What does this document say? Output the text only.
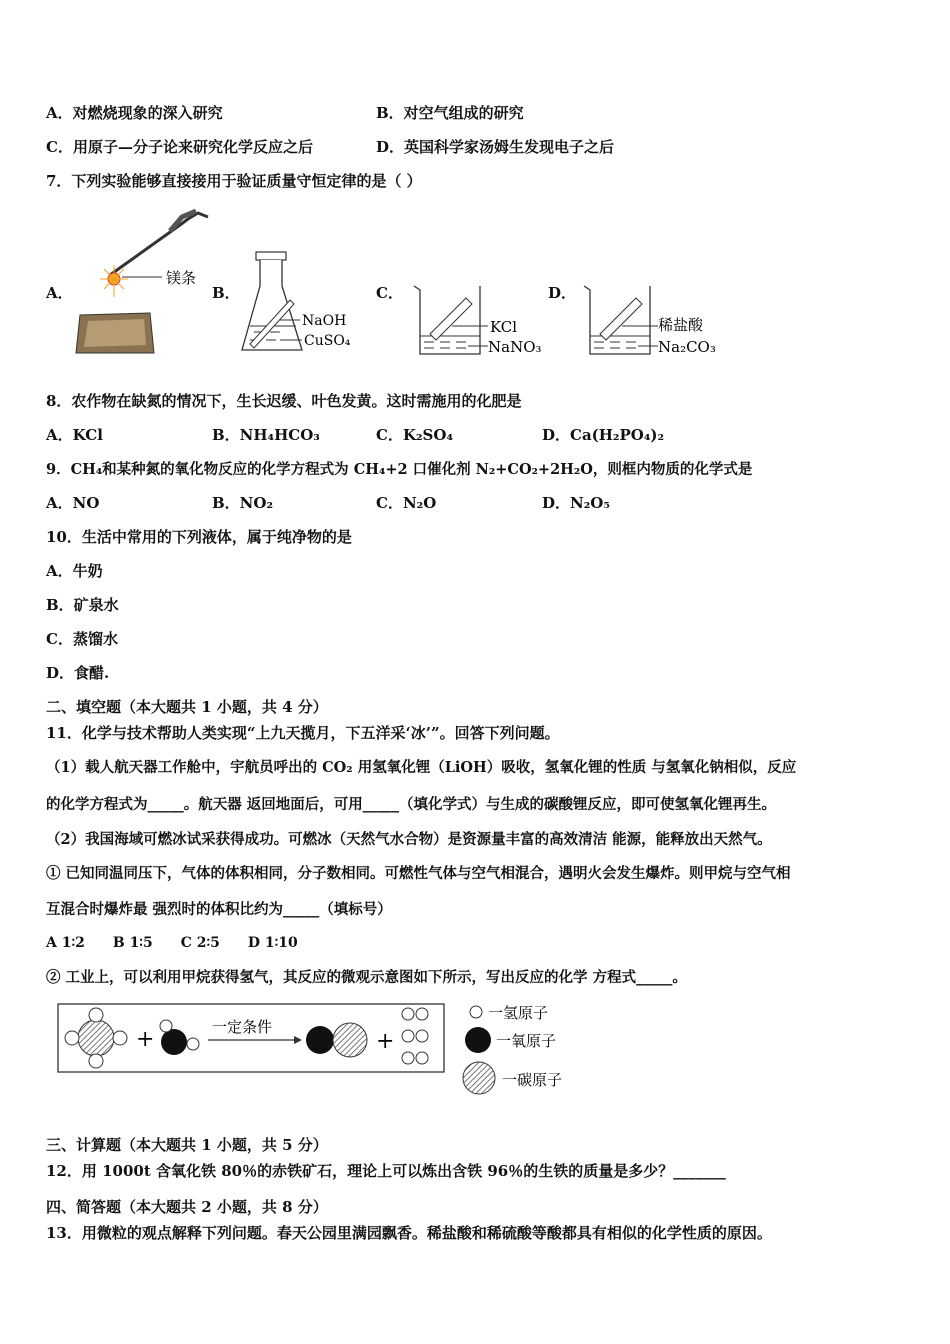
A．对燃烧现象的深入研究	B．对空气组成的研究
C．用原子—分子论来研究化学反应之后	D．英国科学家汤姆生发现电子之后
7．下列实验能够直接接用于验证质量守恒定律的是（ ）
A．	B．	C．	D．
镁条
NaOH
CuSO₄
KCl
NaNO₃
稀盐酸
Na₂CO₃
8．农作物在缺氮的情况下，生长迟缓、叶色发黄。这时需施用的化肥是
A．KCl	B．NH₄HCO₃	C．K₂SO₄	D．Ca(H₂PO₄)₂
9．CH₄和某种氮的氧化物反应的化学方程式为 CH₄+2 口催化剂 N₂+CO₂+2H₂O，则框内物质的化学式是
A．NO	B．NO₂	C．N₂O	D．N₂O₅
10．生活中常用的下列液体，属于纯净物的是
A．牛奶
B．矿泉水
C．蒸馏水
D．食醋.
二、填空题（本大题共 1 小题，共 4 分）
11．化学与技术帮助人类实现“上九天揽月，下五洋采‘冰’”。回答下列问题。
（1）载人航天器工作舱中，宇航员呼出的 CO₂ 用氢氧化锂（LiOH）吸收，氢氧化锂的性质 与氢氧化钠相似，反应
的化学方程式为_____。航天器 返回地面后，可用_____（填化学式）与生成的碳酸锂反应，即可使氢氧化锂再生。
（2）我国海域可燃冰试采获得成功。可燃冰（天然气水合物）是资源量丰富的高效清洁 能源，能释放出天然气。
① 已知同温同压下，气体的体积相同，分子数相同。可燃性气体与空气相混合，遇明火会发生爆炸。则甲烷与空气相
互混合时爆炸最 强烈时的体积比约为_____（填标号）
A 1∶2　　B 1∶5　　C 2∶5　　D 1∶10
② 工业上，可以利用甲烷获得氢气，其反应的微观示意图如下所示，写出反应的化学 方程式_____。
+	一定条件
+
一氢原子
一氧原子
一碳原子
三、计算题（本大题共 1 小题，共 5 分）
12．用 1000t 含氧化铁 80％的赤铁矿石，理论上可以炼出含铁 96％的生铁的质量是多少？_______
四、简答题（本大题共 2 小题，共 8 分）
13．用微粒的观点解释下列问题。春天公园里满园飘香。稀盐酸和稀硫酸等酸都具有相似的化学性质的原因。
